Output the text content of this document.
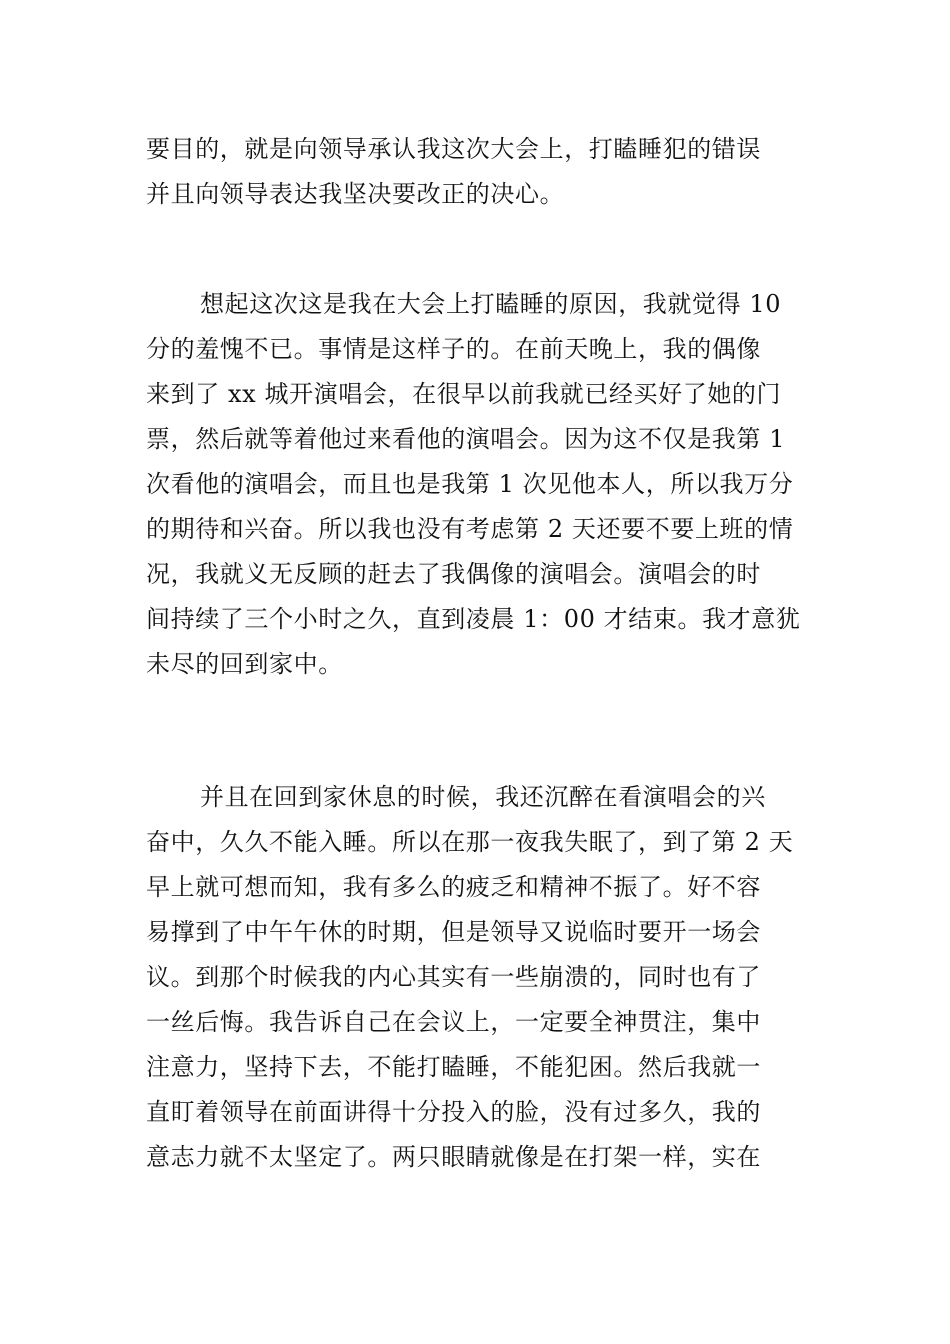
要目的，就是向领导承认我这次大会上，打瞌睡犯的错误
并且向领导表达我坚决要改正的决心。
想起这次这是我在大会上打瞌睡的原因，我就觉得 10
分的羞愧不已。事情是这样子的。在前天晚上，我的偶像
来到了 xx 城开演唱会，在很早以前我就已经买好了她的门
票，然后就等着他过来看他的演唱会。因为这不仅是我第 1
次看他的演唱会，而且也是我第 1 次见他本人，所以我万分
的期待和兴奋。所以我也没有考虑第 2 天还要不要上班的情
况，我就义无反顾的赶去了我偶像的演唱会。演唱会的时
间持续了三个小时之久，直到凌晨 1：00 才结束。我才意犹
未尽的回到家中。
并且在回到家休息的时候，我还沉醉在看演唱会的兴
奋中，久久不能入睡。所以在那一夜我失眠了，到了第 2 天
早上就可想而知，我有多么的疲乏和精神不振了。好不容
易撑到了中午午休的时期，但是领导又说临时要开一场会
议。到那个时候我的内心其实有一些崩溃的，同时也有了
一丝后悔。我告诉自己在会议上，一定要全神贯注，集中
注意力，坚持下去，不能打瞌睡，不能犯困。然后我就一
直盯着领导在前面讲得十分投入的脸，没有过多久，我的
意志力就不太坚定了。两只眼睛就像是在打架一样，实在
